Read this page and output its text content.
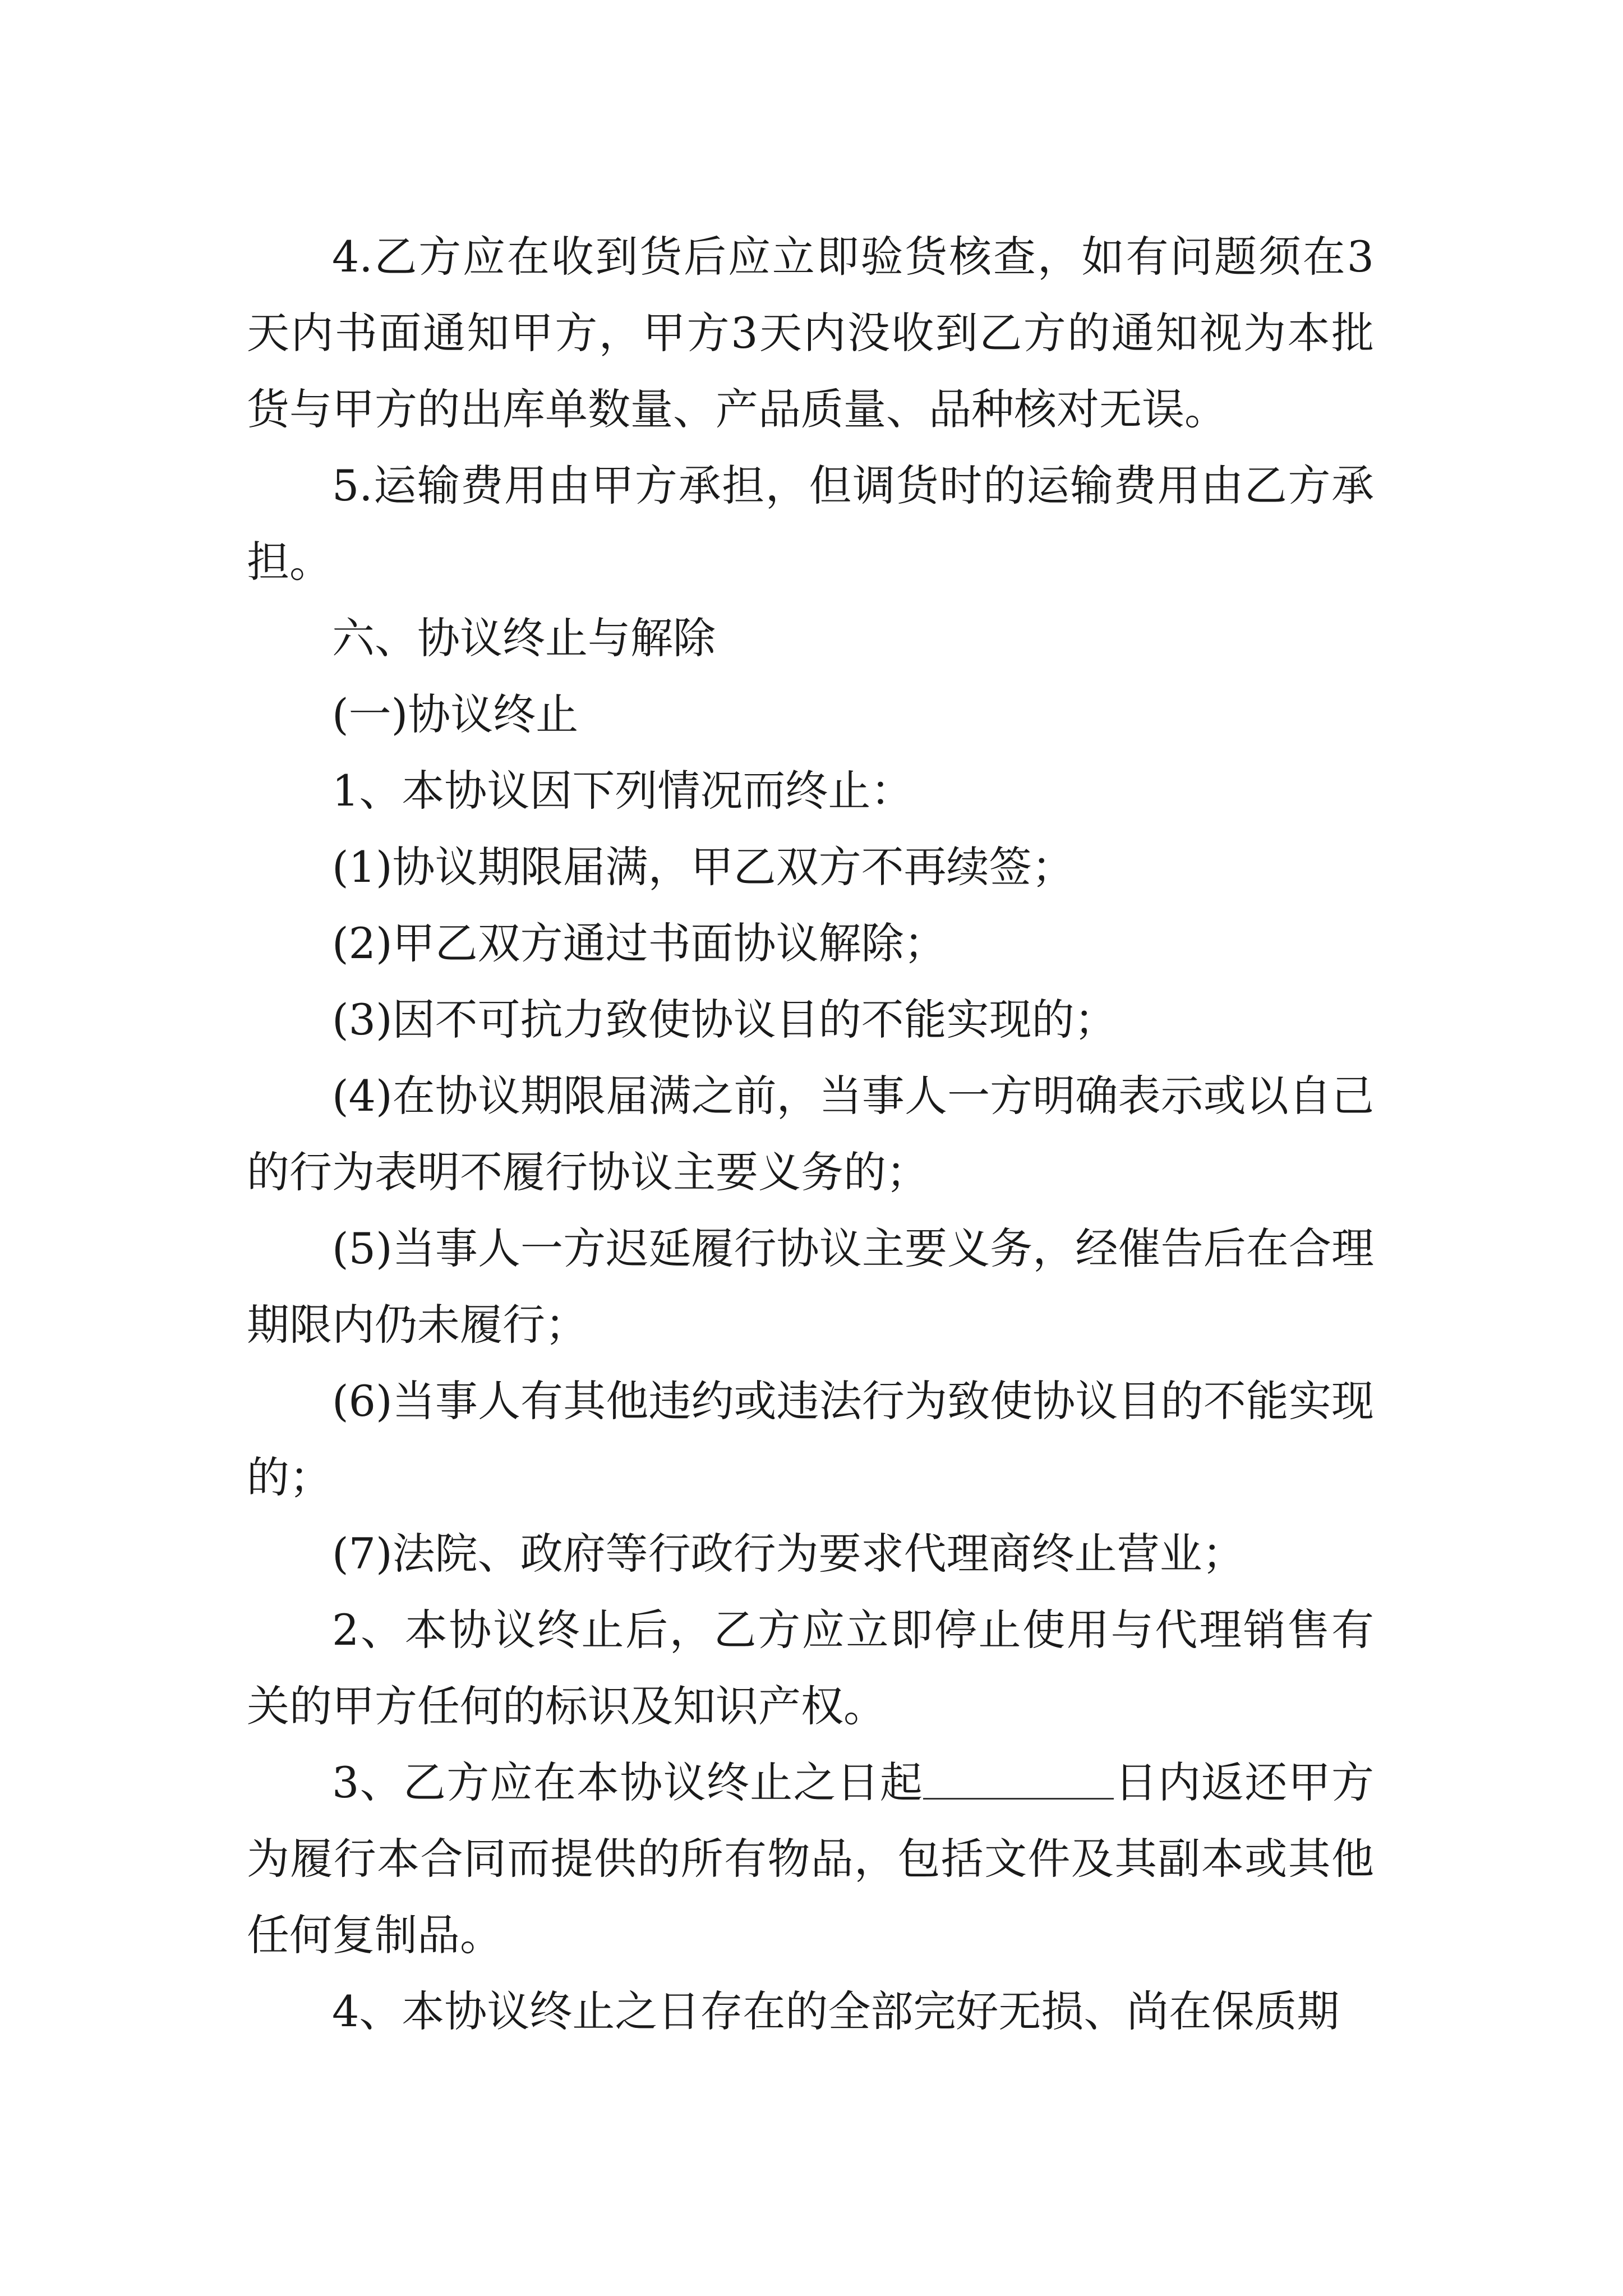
4.乙方应在收到货后应立即验货核查，如有问题须在3天内书面通知甲方，甲方3天内没收到乙方的通知视为本批货与甲方的出库单数量、产品质量、品种核对无误。

5.运输费用由甲方承担，但调货时的运输费用由乙方承担。

六、协议终止与解除

(一)协议终止

1、本协议因下列情况而终止：

(1)协议期限届满，甲乙双方不再续签；

(2)甲乙双方通过书面协议解除；

(3)因不可抗力致使协议目的不能实现的；

(4)在协议期限届满之前，当事人一方明确表示或以自己的行为表明不履行协议主要义务的；

(5)当事人一方迟延履行协议主要义务，经催告后在合理期限内仍未履行；

(6)当事人有其他违约或违法行为致使协议目的不能实现的；

(7)法院、政府等行政行为要求代理商终止营业；

2、本协议终止后，乙方应立即停止使用与代理销售有关的甲方任何的标识及知识产权。

3、乙方应在本协议终止之日起	日内返还甲方为履行本合同而提供的所有物品，包括文件及其副本或其他任何复制品。

4、本协议终止之日存在的全部完好无损、尚在保质期
